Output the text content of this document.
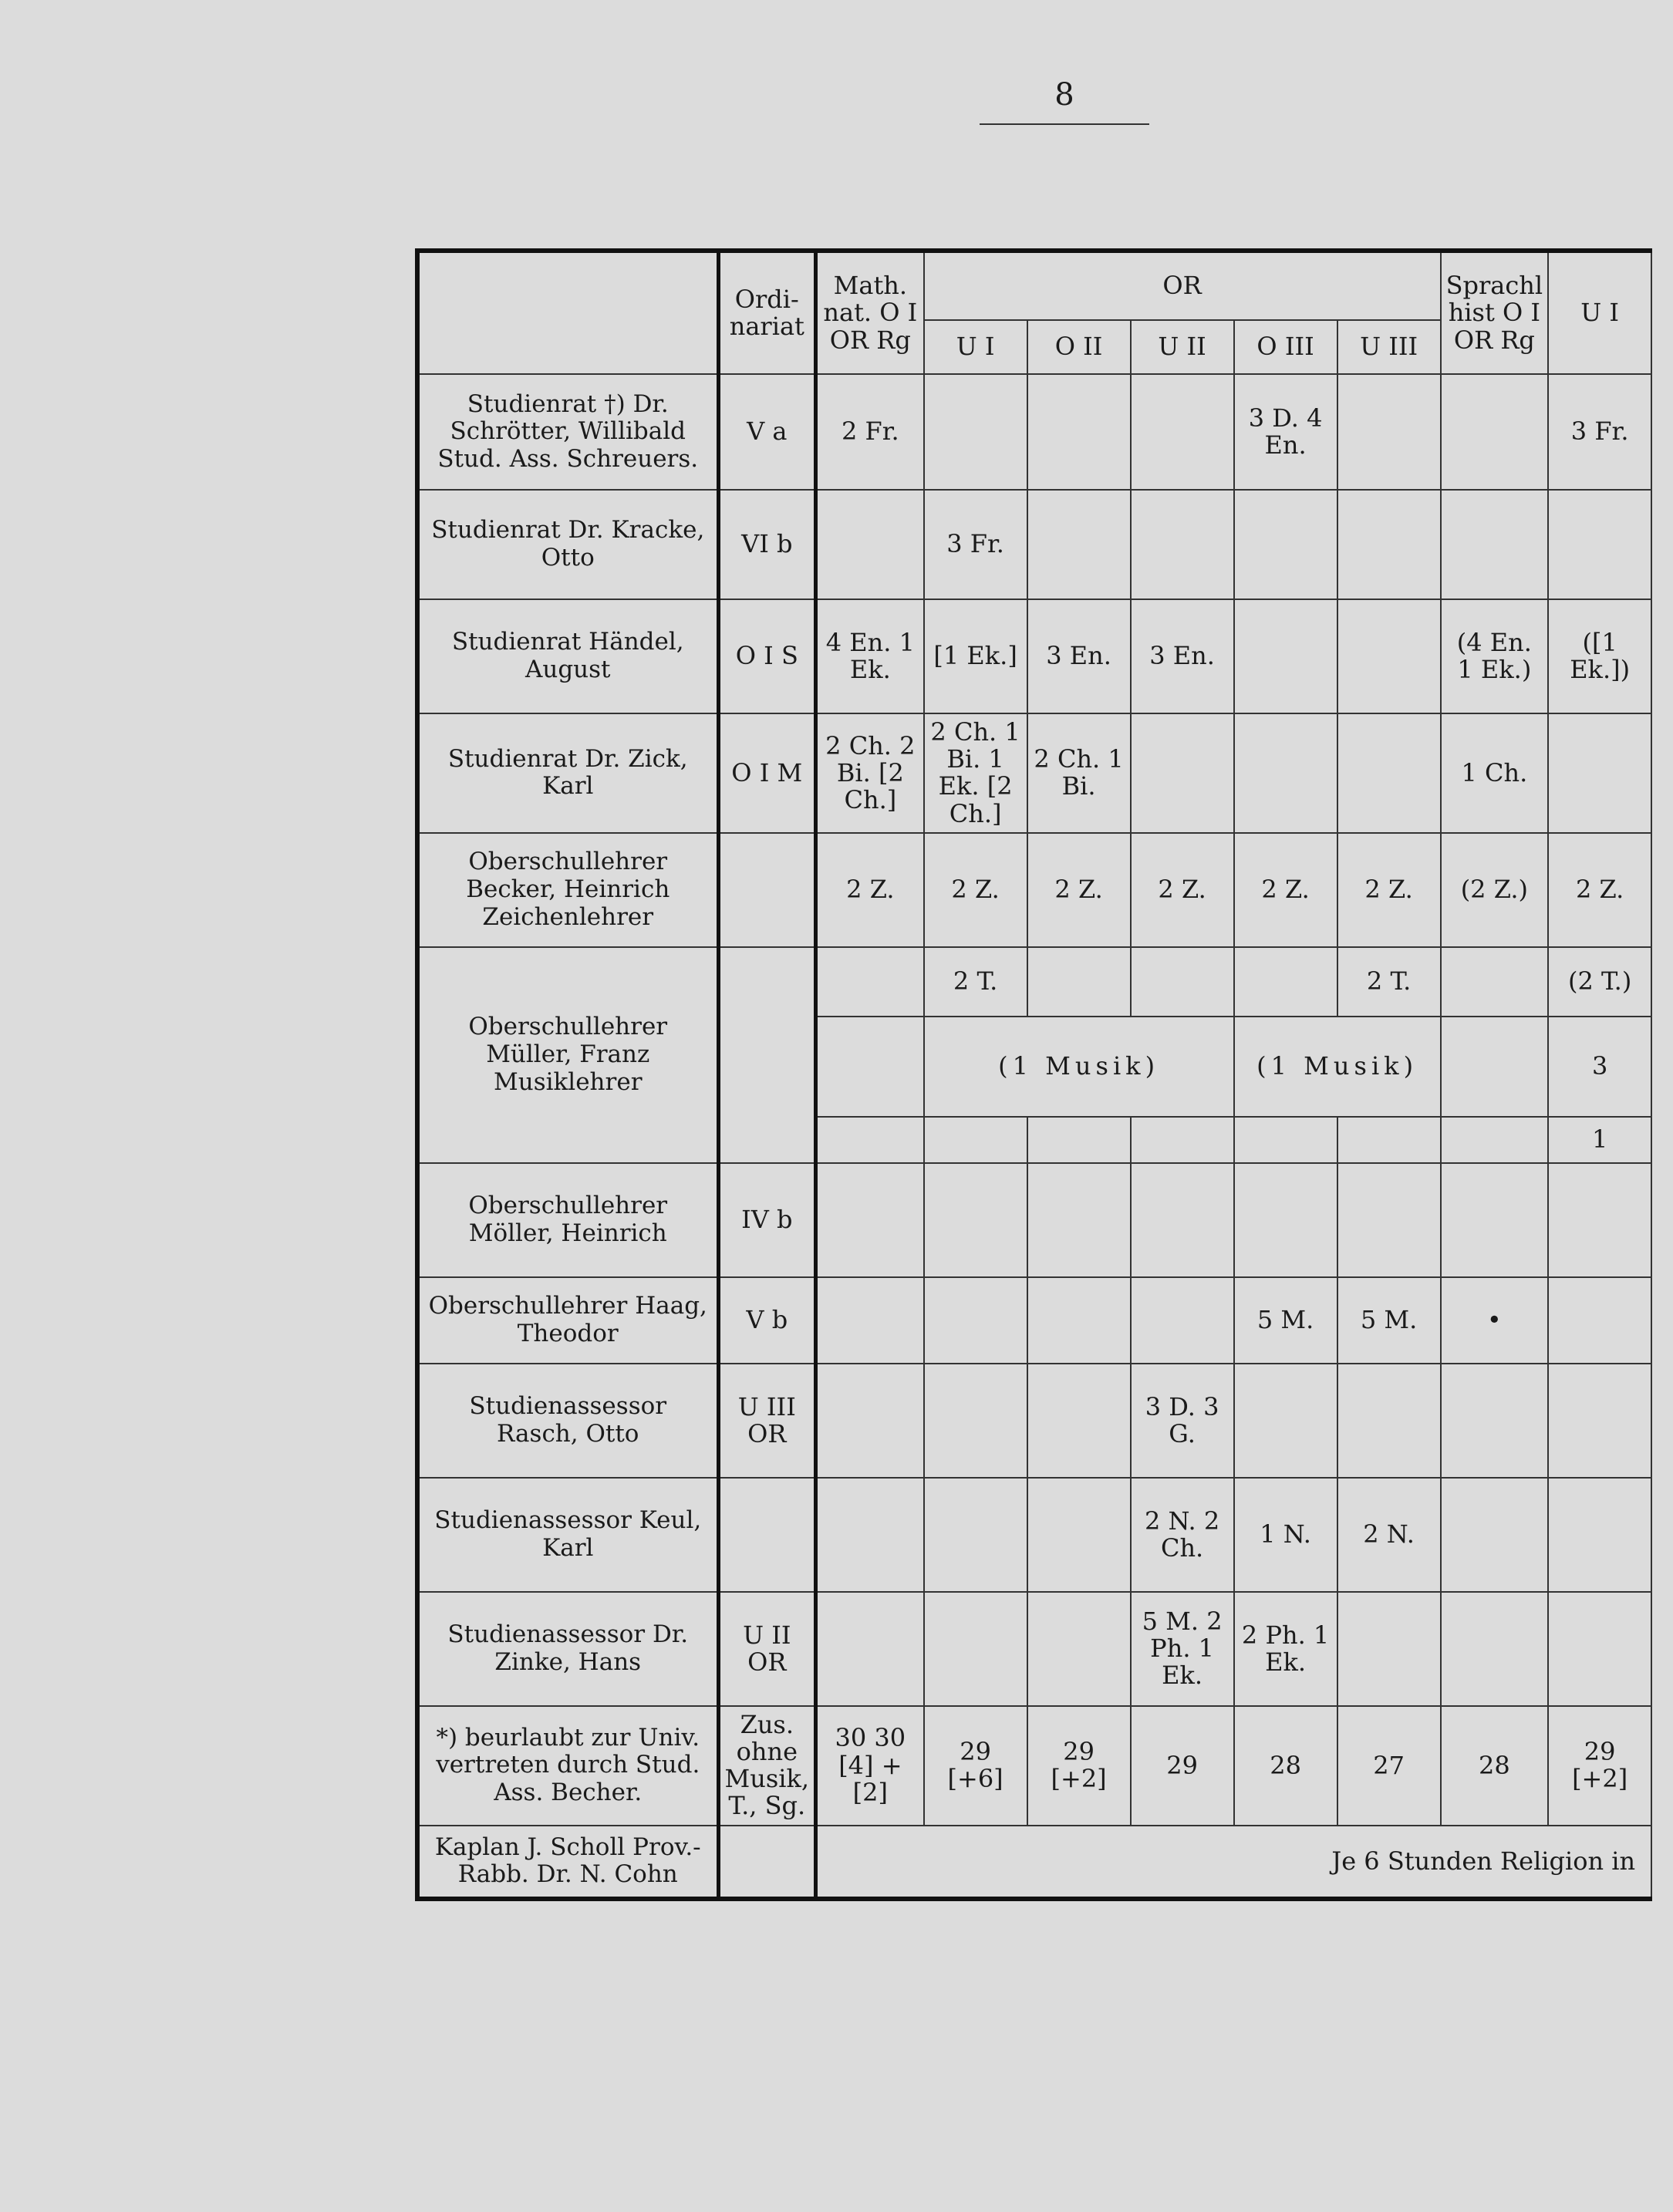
8
	Ordi- nariat	Math. nat. O I OR Rg	OR					Sprachl hist O I OR Rg	U I
			U I	O II	U II	O III	U III		
Studienrat †) Dr. Schrötter, Willibald Stud. Ass. Schreuers.	V a	2 Fr.				3 D. 4 En.			3 Fr.
Studienrat Dr. Kracke, Otto	VI b		3 Fr.						
Studienrat Händel, August	O I S	4 En. 1 Ek.	[1 Ek.]	3 En.	3 En.			(4 En. 1 Ek.)	([1 Ek.])
Studienrat Dr. Zick, Karl	O I M	2 Ch. 2 Bi. [2 Ch.]	2 Ch. 1 Bi. 1 Ek. [2 Ch.]	2 Ch. 1 Bi.				1 Ch.	
Oberschullehrer Becker, Heinrich Zeichenlehrer		2 Z.	2 Z.	2 Z.	2 Z.	2 Z.	2 Z.	(2 Z.)	2 Z.
Oberschullehrer Müller, Franz Musiklehrer			2 T.				2 T.		(2 T.)
			(1 Musik)			(1 Musik)			3
									1
Oberschullehrer Möller, Heinrich	IV b								
Oberschullehrer Haag, Theodor	V b					5 M.	5 M.	•	
Studienassessor Rasch, Otto	U III OR				3 D. 3 G.				
Studienassessor Keul, Karl					2 N. 2 Ch.	1 N.	2 N.		
Studienassessor Dr. Zinke, Hans	U II OR				5 M. 2 Ph. 1 Ek.	2 Ph. 1 Ek.			
*) beurlaubt zur Univ. vertreten durch Stud. Ass. Becher.	Zus. ohne Musik, T., Sg.	30 30 [4] + [2]	29 [+6]	29 [+2]	29	28	27	28	29 [+2]
Kaplan J. Scholl Prov.-Rabb. Dr. N. Cohn		Je 6 Stunden Religion in							
